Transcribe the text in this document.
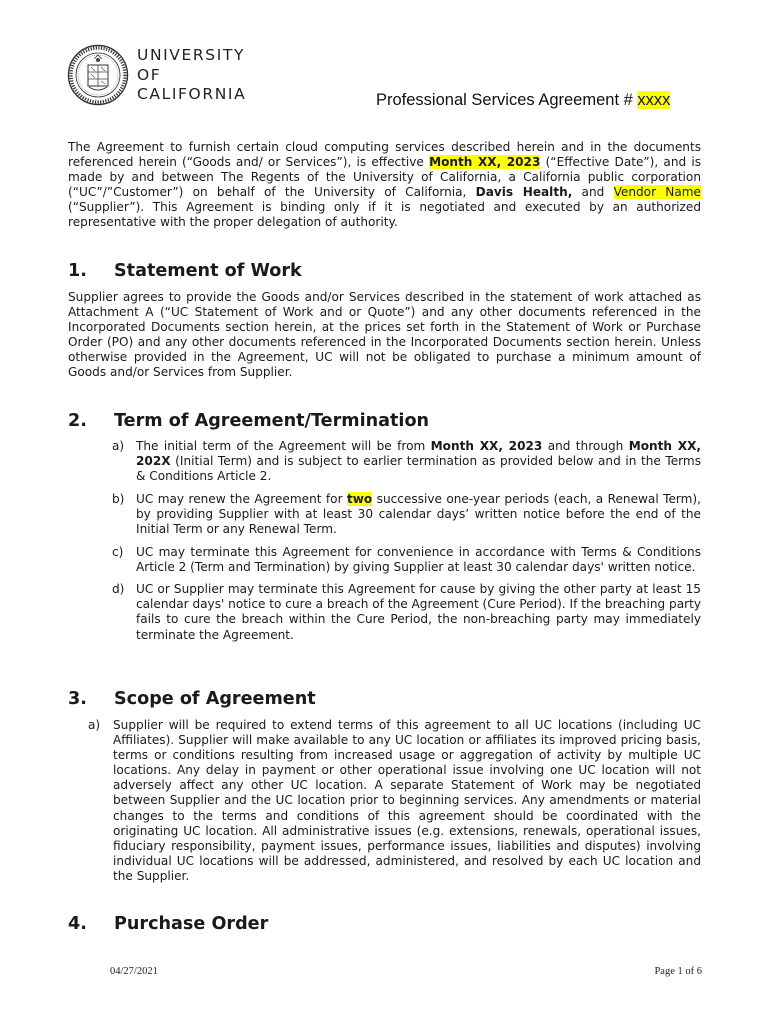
UNIVERSITY
OF
CALIFORNIA	Professional Services Agreement # xxxx
The Agreement to furnish certain cloud computing services described herein and in the documents referenced herein (“Goods and/ or Services”), is effective Month XX, 2023 (“Effective Date”), and is made by and between The Regents of the University of California, a California public corporation (“UC”/”Customer”) on behalf of the University of California, Davis Health, and Vendor Name (“Supplier”). This Agreement is binding only if it is negotiated and executed by an authorized representative with the proper delegation of authority.
1. Statement of Work
Supplier agrees to provide the Goods and/or Services described in the statement of work attached as Attachment A (“UC Statement of Work and or Quote”) and any other documents referenced in the Incorporated Documents section herein, at the prices set forth in the Statement of Work or Purchase Order (PO) and any other documents referenced in the Incorporated Documents section herein. Unless otherwise provided in the Agreement, UC will not be obligated to purchase a minimum amount of Goods and/or Services from Supplier.
2. Term of Agreement/Termination
a) The initial term of the Agreement will be from Month XX, 2023 and through Month XX, 202X (Initial Term) and is subject to earlier termination as provided below and in the Terms & Conditions Article 2.
b) UC may renew the Agreement for two successive one-year periods (each, a Renewal Term), by providing Supplier with at least 30 calendar days’ written notice before the end of the Initial Term or any Renewal Term.
c) UC may terminate this Agreement for convenience in accordance with Terms & Conditions Article 2 (Term and Termination) by giving Supplier at least 30 calendar days' written notice.
d) UC or Supplier may terminate this Agreement for cause by giving the other party at least 15 calendar days' notice to cure a breach of the Agreement (Cure Period). If the breaching party fails to cure the breach within the Cure Period, the non-breaching party may immediately terminate the Agreement.
3. Scope of Agreement
a) Supplier will be required to extend terms of this agreement to all UC locations (including UC Affiliates). Supplier will make available to any UC location or affiliates its improved pricing basis, terms or conditions resulting from increased usage or aggregation of activity by multiple UC locations. Any delay in payment or other operational issue involving one UC location will not adversely affect any other UC location. A separate Statement of Work may be negotiated between Supplier and the UC location prior to beginning services. Any amendments or material changes to the terms and conditions of this agreement should be coordinated with the originating UC location. All administrative issues (e.g. extensions, renewals, operational issues, fiduciary responsibility, payment issues, performance issues, liabilities and disputes) involving individual UC locations will be addressed, administered, and resolved by each UC location and the Supplier.
4. Purchase Order
04/27/2021	Page 1 of 6
